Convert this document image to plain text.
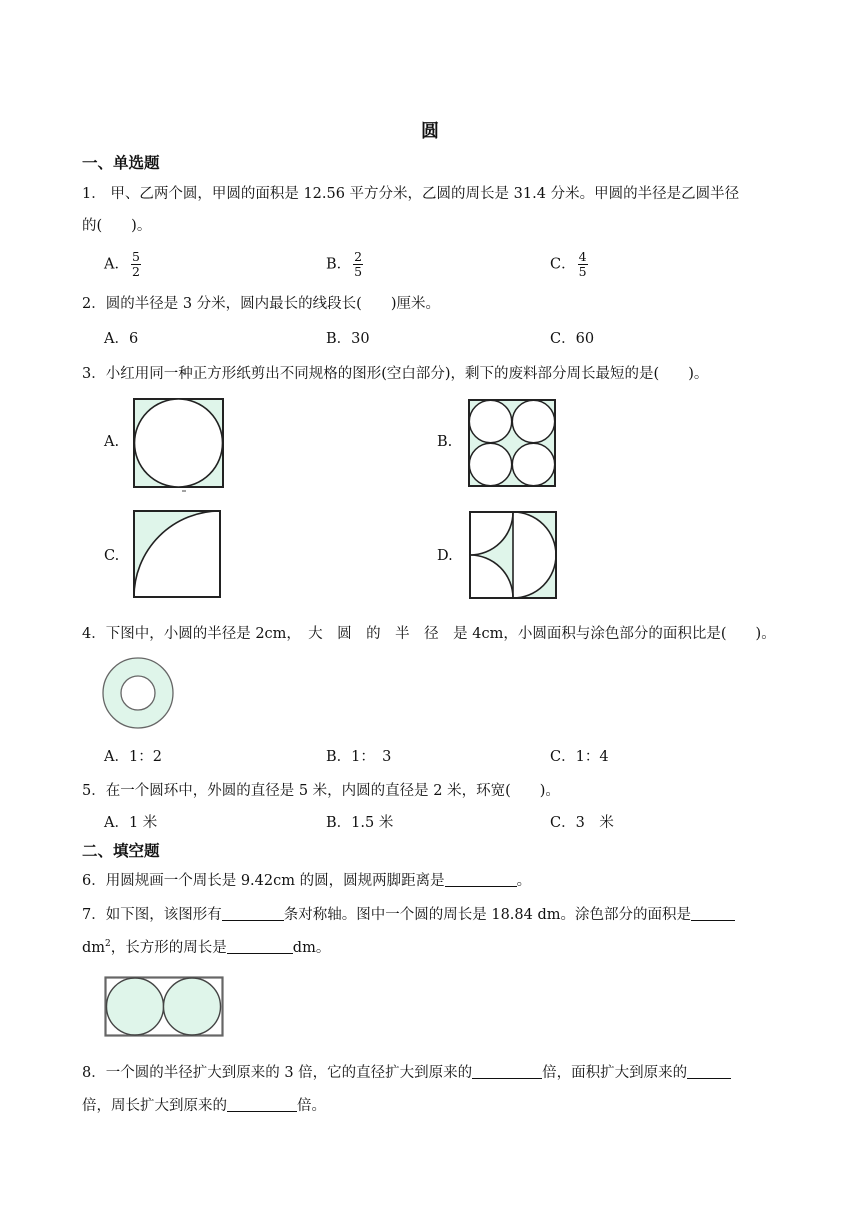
圆
一、单选题
1． 甲、乙两个圆，甲圆的面积是 12.56 平方分米，乙圆的周长是 31.4 分米。甲圆的半径是乙圆半径
的(　　)。
A． $\frac{5}{2}$	B． $\frac{2}{5}$	C． $\frac{4}{5}$
2．圆的半径是 3 分米，圆内最长的线段长(　　)厘米。
A．6	B．30	C．60
3．小红用同一种正方形纸剪出不同规格的图形(空白部分)，剩下的废料部分周长最短的是(　　)。
A.	B.
C.	D.
4．下图中，小圆的半径是 2cm，　大　圆　的　半　径　是 4cm，小圆面积与涂色部分的面积比是(　　)。
A．1：2	B．1：　3	C．1：4
5．在一个圆环中，外圆的直径是 5 米，内圆的直径是 2 米，环宽(　　)。
A．1 米	B．1.5 米	C．3　米
二、填空题
6．用圆规画一个周长是 9.42cm 的圆，圆规两脚距离是	。
7．如下图，该图形有	条对称轴。图中一个圆的周长是 18.84 dm。涂色部分的面积是
$dm^2$，长方形的周长是	dm。
8．一个圆的半径扩大到原来的 3 倍，它的直径扩大到原来的	倍，面积扩大到原来的
倍，周长扩大到原来的	倍。
